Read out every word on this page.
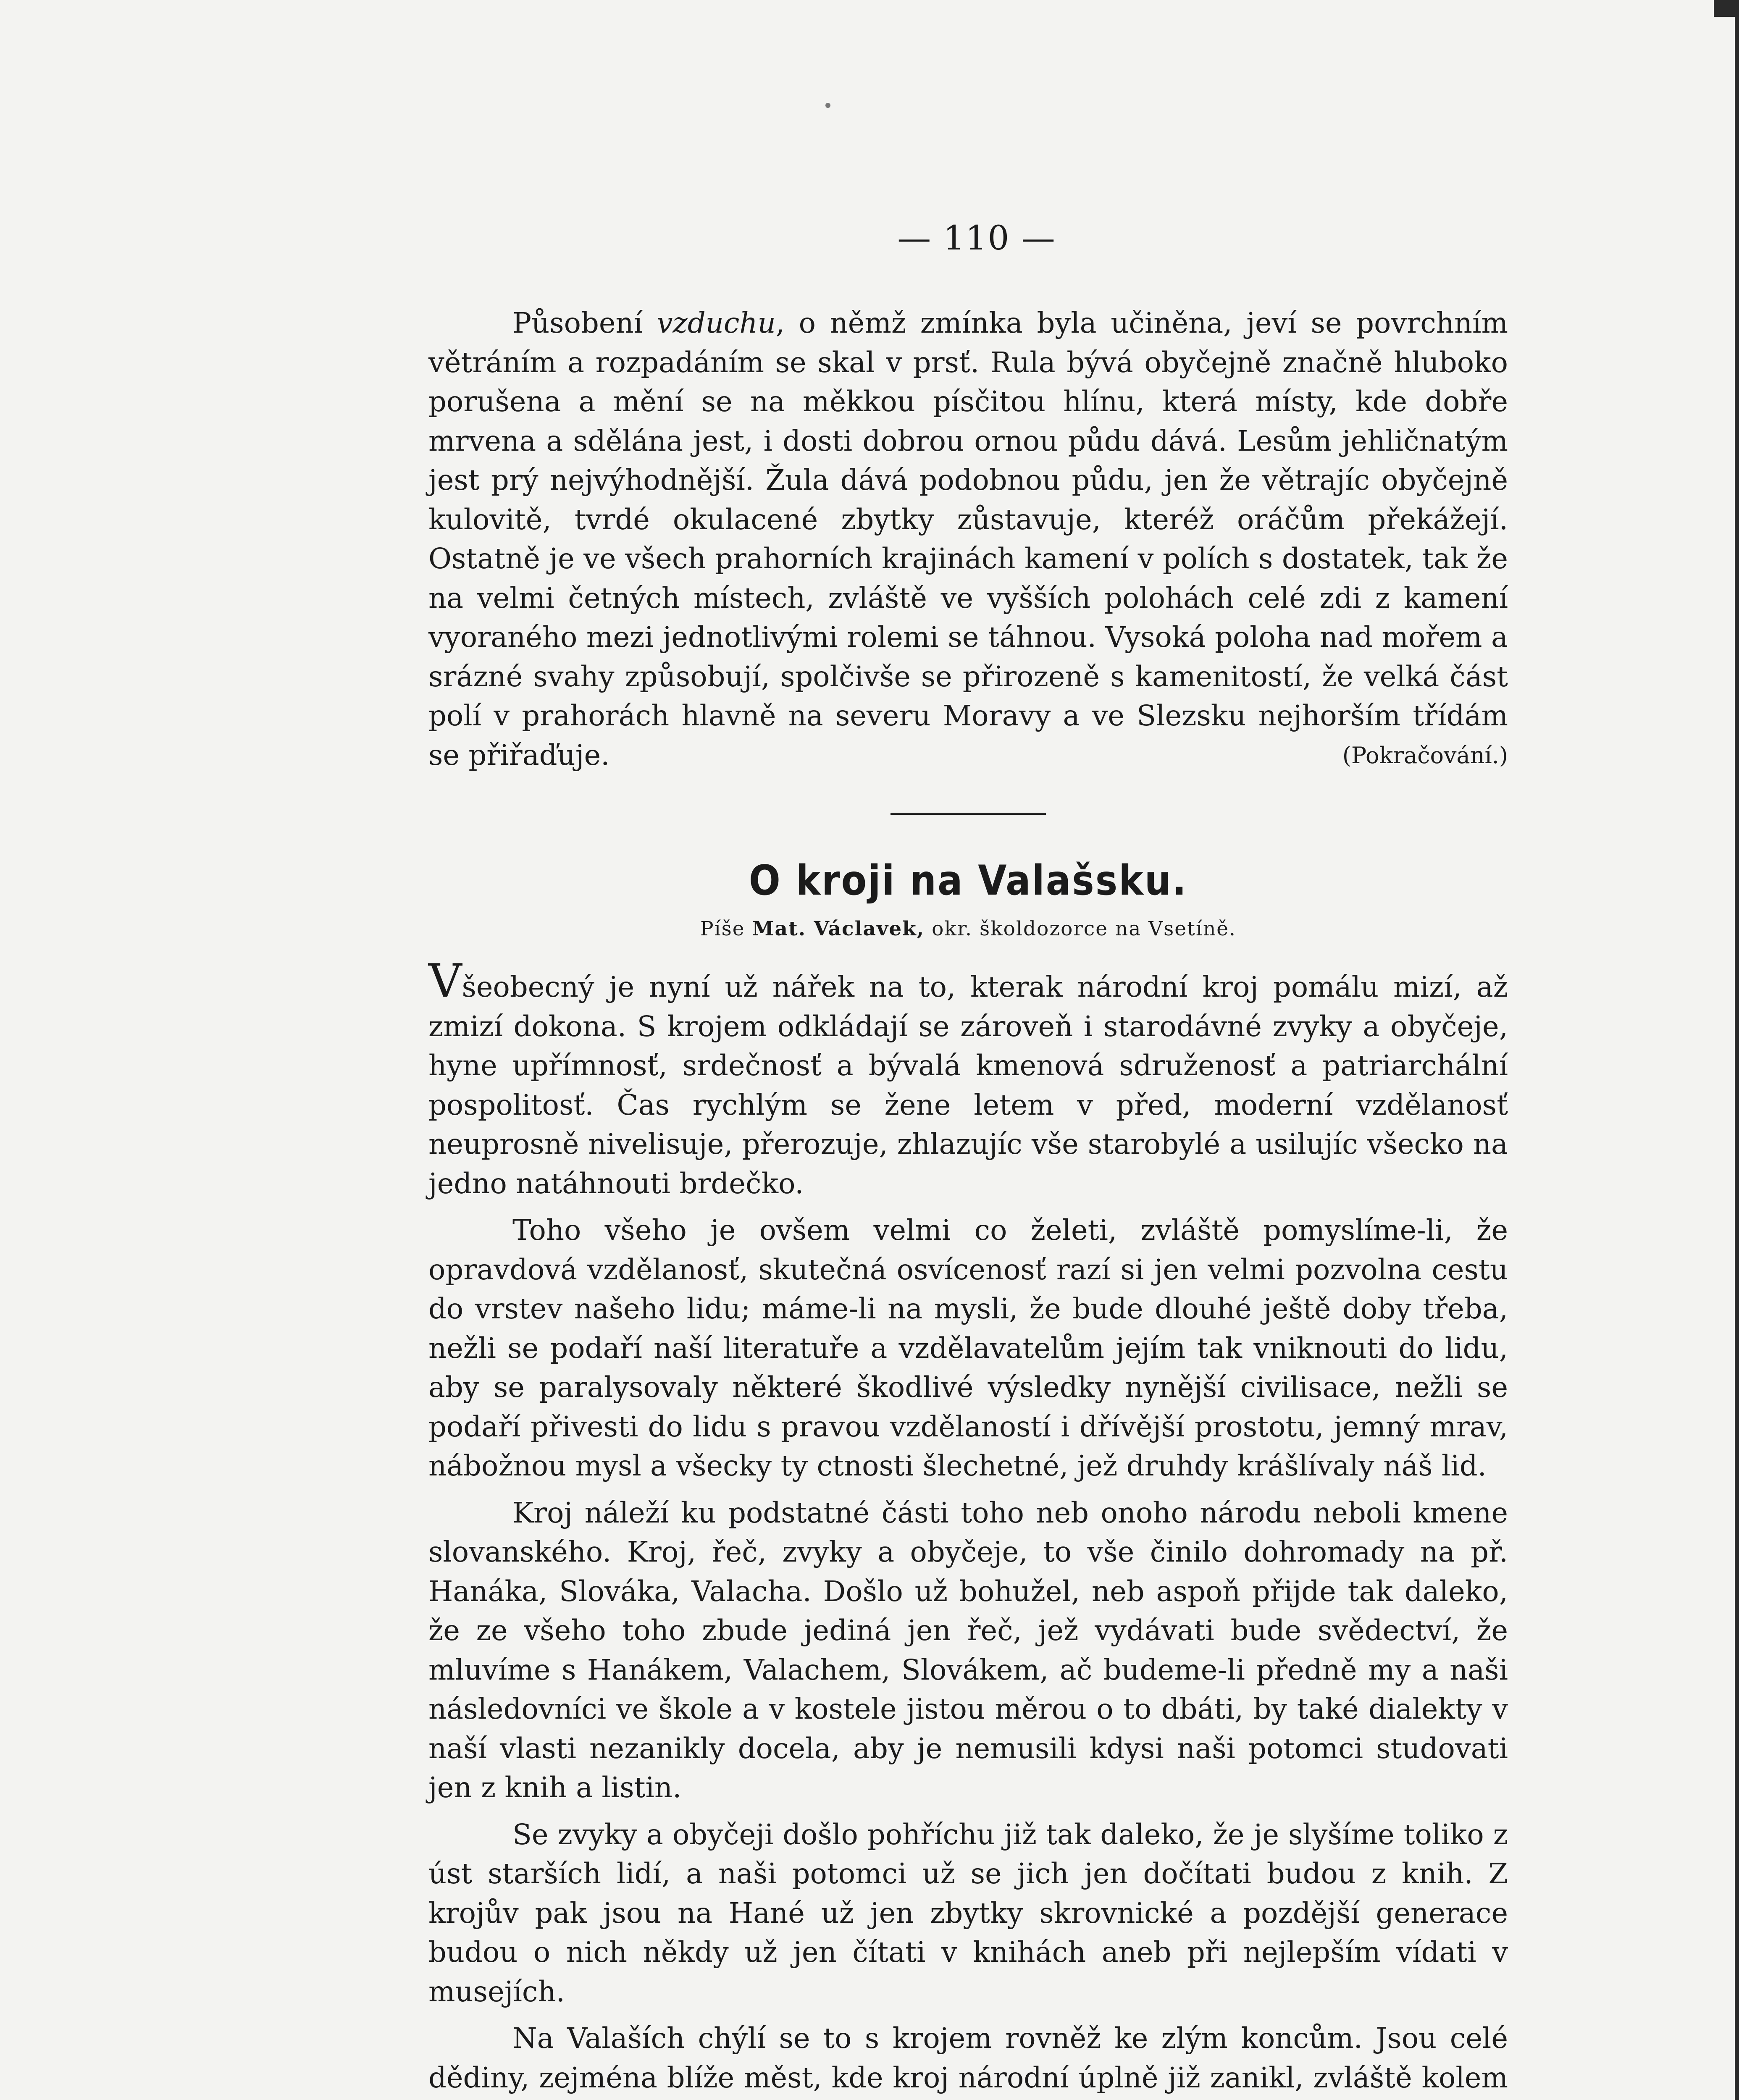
— 110 —

Působení vzduchu, o němž zmínka byla učiněna, jeví se povrchním větráním a rozpadáním se skal v prsť. Rula bývá obyčejně značně hluboko porušena a mění se na měkkou písčitou hlínu, která místy, kde dobře mrvena a sdělána jest, i dosti dobrou ornou půdu dává. Lesům jehličnatým jest prý nejvýhodnější. Žula dává podobnou půdu, jen že větrajíc obyčejně kulovitě, tvrdé okulacené zbytky zůstavuje, kteréž oráčům překážejí. Ostatně je ve všech prahorních krajinách kamení v polích s dostatek, tak že na velmi četných místech, zvláště ve vyšších polohách celé zdi z kamení vyoraného mezi jednotlivými rolemi se táhnou. Vysoká poloha nad mořem a srázné svahy způsobují, spolčivše se přirozeně s kamenitostí, že velká část polí v prahorách hlavně na severu Moravy a ve Slezsku nejhorším třídám se přiřaďuje.	(Pokračování.)

O kroji na Valašsku.
Píše Mat. Václavek, okr. školdozorce na Vsetíně.

Všeobecný je nyní už nářek na to, kterak národní kroj pomálu mizí, až zmizí dokona. S krojem odkládají se zároveň i starodávné zvyky a obyčeje, hyne upřímnosť, srdečnosť a bývalá kmenová sdruženosť a patriarchální pospolitosť. Čas rychlým se žene letem v před, moderní vzdělanosť neuprosně nivelisuje, přerozuje, zhlazujíc vše starobylé a usilujíc všecko na jedno natáhnouti brdečko.

Toho všeho je ovšem velmi co želeti, zvláště pomyslíme-li, že opravdová vzdělanosť, skutečná osvícenosť razí si jen velmi pozvolna cestu do vrstev našeho lidu; máme-li na mysli, že bude dlouhé ještě doby třeba, nežli se podaří naší literatuře a vzdělavatelům jejím tak vniknouti do lidu, aby se paralysovaly některé škodlivé výsledky nynější civilisace, nežli se podaří přivesti do lidu s pravou vzdělaností i dřívější prostotu, jemný mrav, nábožnou mysl a všecky ty ctnosti šlechetné, jež druhdy krášlívaly náš lid.

Kroj náleží ku podstatné části toho neb onoho národu neboli kmene slovanského. Kroj, řeč, zvyky a obyčeje, to vše činilo dohromady na př. Hanáka, Slováka, Valacha. Došlo už bohužel, neb aspoň přijde tak daleko, že ze všeho toho zbude jediná jen řeč, jež vydávati bude svědectví, že mluvíme s Hanákem, Valachem, Slovákem, ač budeme-li předně my a naši následovníci ve škole a v kostele jistou měrou o to dbáti, by také dialekty v naší vlasti nezanikly docela, aby je nemusili kdysi naši potomci studovati jen z knih a listin.

Se zvyky a obyčeji došlo pohříchu již tak daleko, že je slyšíme toliko z úst starších lidí, a naši potomci už se jich jen dočítati budou z knih. Z krojův pak jsou na Hané už jen zbytky skrovnické a pozdější generace budou o nich někdy už jen čítati v knihách aneb při nejlepším vídati v musejích.

Na Valaších chýlí se to s krojem rovněž ke zlým koncům. Jsou celé dědiny, zejména blíže měst, kde kroj národní úplně již zanikl, zvláště kolem
